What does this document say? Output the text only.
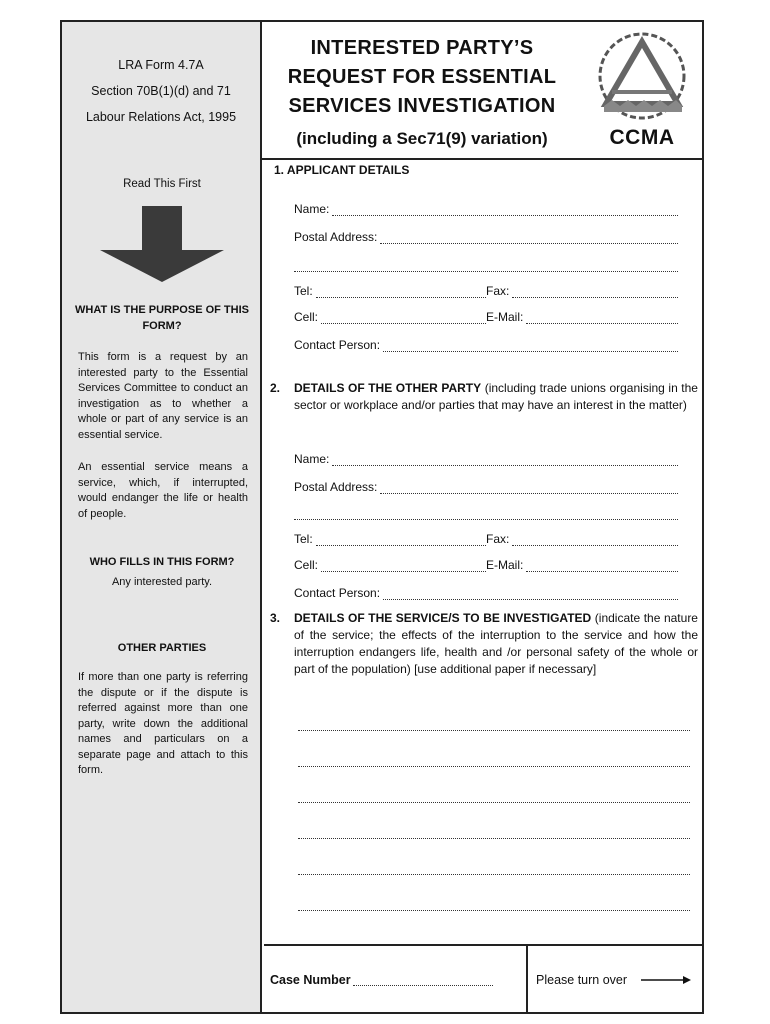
LRA Form 4.7A
Section 70B(1)(d) and 71
Labour Relations Act, 1995
INTERESTED PARTY’S
REQUEST FOR ESSENTIAL
SERVICES INVESTIGATION
(including a Sec71(9) variation)	CCMA
Read This First
WHAT IS THE PURPOSE OF THIS FORM?
This form is a request by an interested party to the Essential Services Committee to conduct an investigation as to whether a whole or part of any service is an essential service.
An essential service means a service, which, if interrupted, would endanger the life or health of people.
WHO FILLS IN THIS FORM?
Any interested party.
OTHER PARTIES
If more than one party is referring the dispute or if the dispute is referred against more than one party, write down the additional names and particulars on a separate page and attach to this form.
1. APPLICANT DETAILS
Name:
Postal Address:
Tel:	Fax:
Cell:	E-Mail:
Contact Person:
2.	DETAILS OF THE OTHER PARTY (including trade unions organising in the sector or workplace and/or parties that may have an interest in the matter)
Name:
Postal Address:
Tel:	Fax:
Cell:	E-Mail:
Contact Person:
3.	DETAILS OF THE SERVICE/S TO BE INVESTIGATED (indicate the nature of the service; the effects of the interruption to the service and how the interruption endangers life, health and /or personal safety of the whole or part of the population) [use additional paper if necessary]
Case Number	Please turn over
